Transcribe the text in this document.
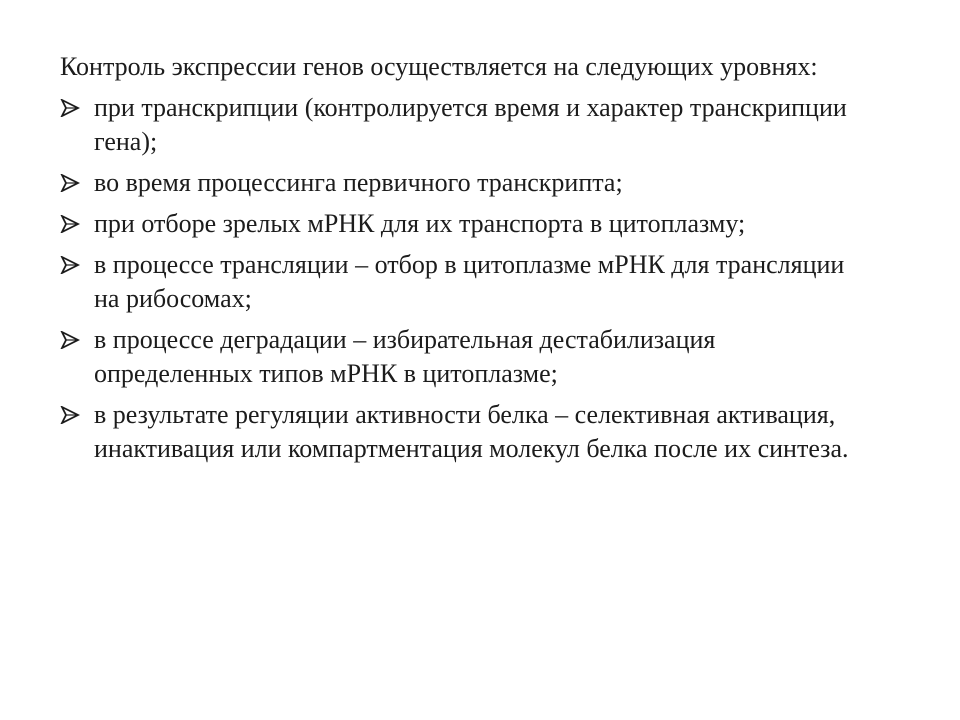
Контроль экспрессии генов осуществляется на следующих уровнях:

при транскрипции (контролируется время и характер транскрипции гена);
во время процессинга первичного транскрипта;
при отборе зрелых мРНК для их транспорта в цитоплазму;
в процессе трансляции – отбор в цитоплазме мРНК для трансляции на рибосомах;
в процессе деградации – избирательная дестабилизация определенных типов мРНК в цитоплазме;
в результате регуляции активности белка – селективная активация, инактивация или компартментация молекул белка после их синтеза.
